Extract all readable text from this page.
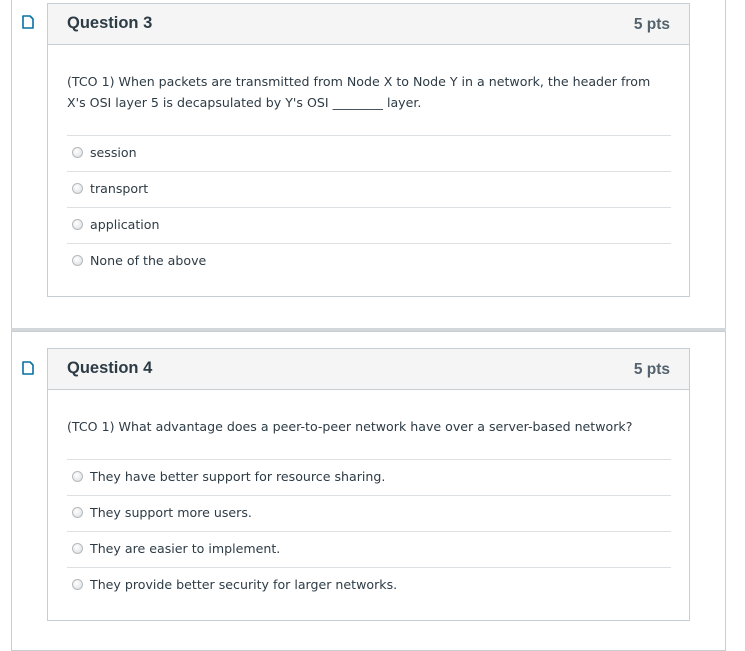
Question 3	5 pts
(TCO 1) When packets are transmitted from Node X to Node Y in a network, the header from X's OSI layer 5 is decapsulated by Y's OSI ________ layer.
session
transport
application
None of the above
Question 4	5 pts
(TCO 1) What advantage does a peer-to-peer network have over a server-based network?
They have better support for resource sharing.
They support more users.
They are easier to implement.
They provide better security for larger networks.
